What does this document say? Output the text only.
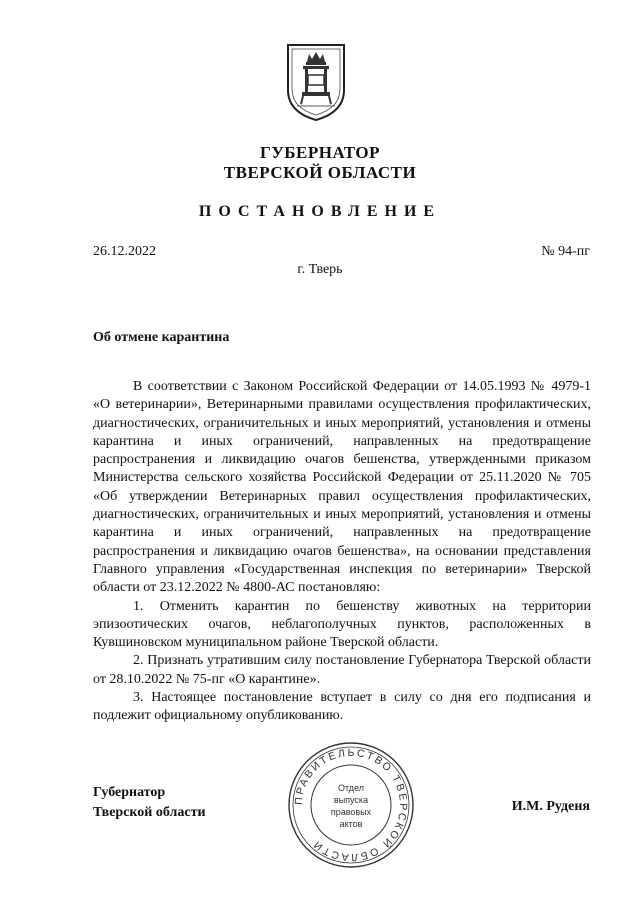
ГУБЕРНАТОР
ТВЕРСКОЙ ОБЛАСТИ
ПОСТАНОВЛЕНИЕ
26.12.2022
г. Тверь
№ 94-пг
Об отмене карантина

В соответствии с Законом Российской Федерации от 14.05.1993 № 4979-1 «О ветеринарии», Ветеринарными правилами осуществления профилактических, диагностических, ограничительных и иных мероприятий, установления и отмены карантина и иных ограничений, направленных на предотвращение распространения и ликвидацию очагов бешенства, утвержденными приказом Министерства сельского хозяйства Российской Федерации от 25.11.2020 № 705 «Об утверждении Ветеринарных правил осуществления профилактических, диагностических, ограничительных и иных мероприятий, установления и отмены карантина и иных ограничений, направленных на предотвращение распространения и ликвидацию очагов бешенства», на основании представления Главного управления «Государственная инспекция по ветеринарии» Тверской области от 23.12.2022 № 4800-АС постановляю:

1. Отменить карантин по бешенству животных на территории эпизоотических очагов, неблагополучных пунктов, расположенных в Кувшиновском муниципальном районе Тверской области.

2. Признать утратившим силу постановление Губернатора Тверской области от 28.10.2022 № 75-пг «О карантине».

3. Настоящее постановление вступает в силу со дня его подписания и подлежит официальному опубликованию.

Губернатор
Тверской области	И.М. Руденя
ПРАВИТЕЛЬСТВО ТВЕРСКОЙ ОБЛАСТИ
Отдел
выпуска
правовых
актов
